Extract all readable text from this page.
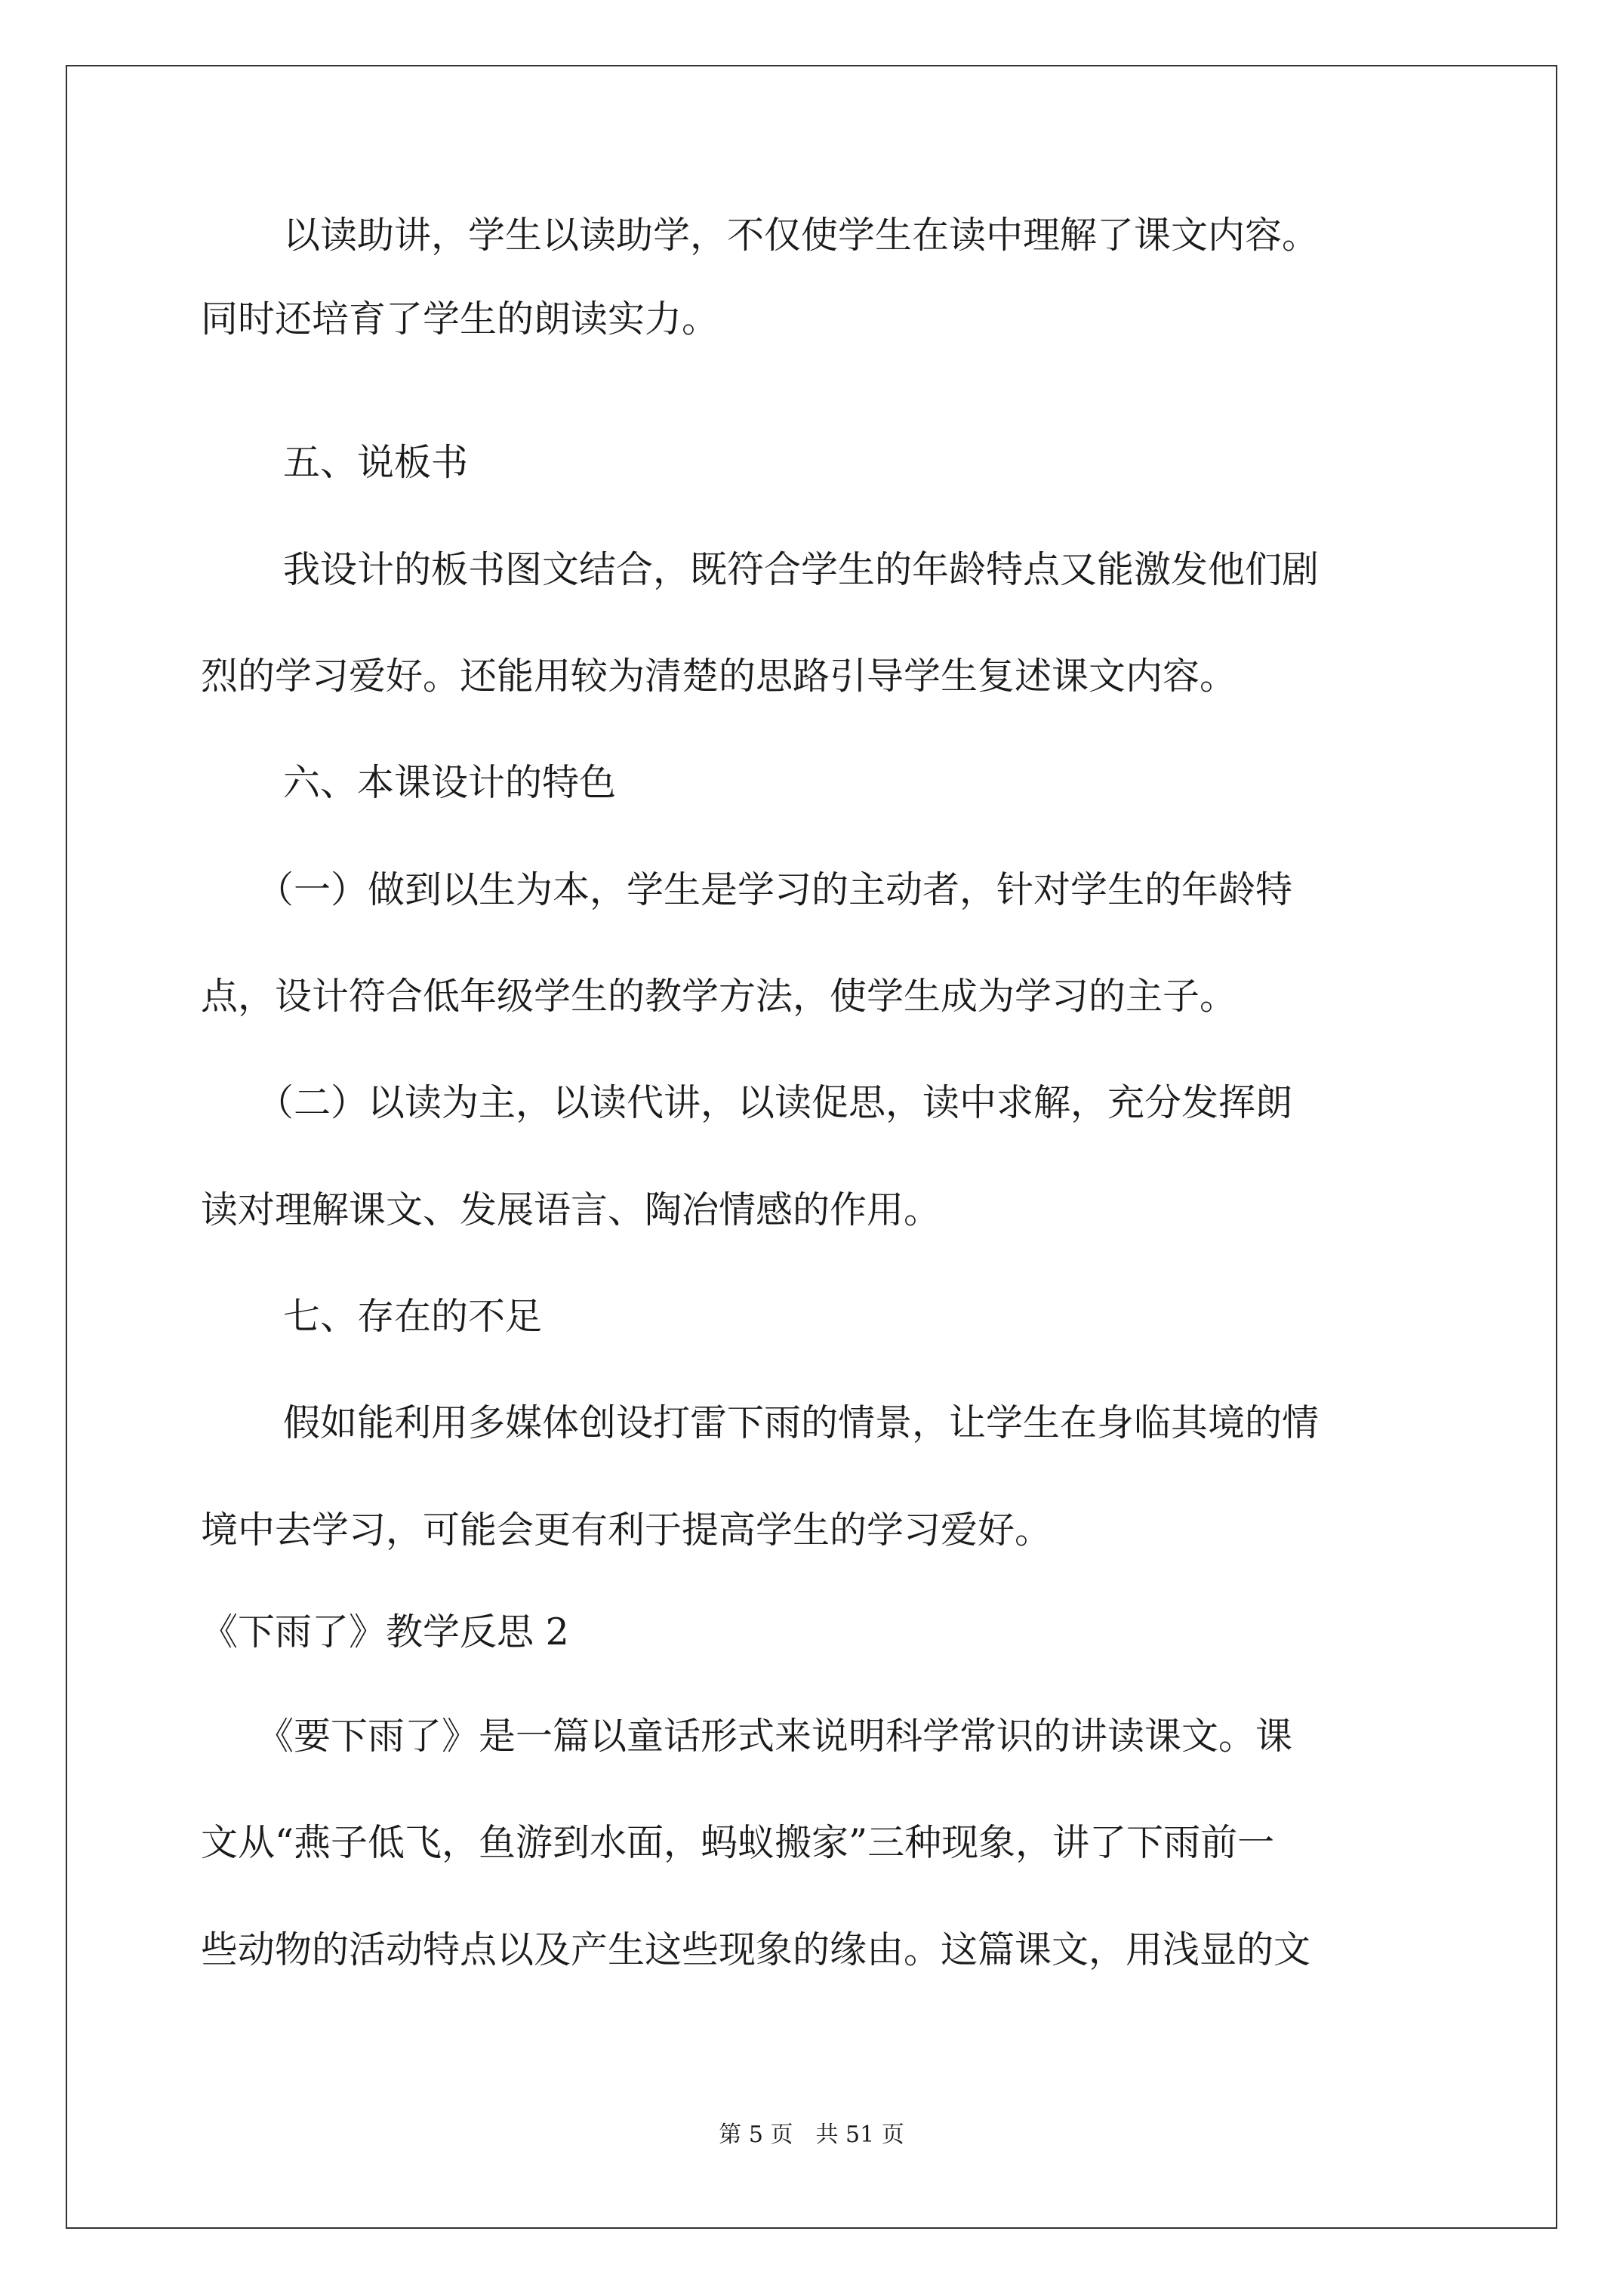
以读助讲，学生以读助学，不仅使学生在读中理解了课文内容。
同时还培育了学生的朗读实力。
五、说板书
我设计的板书图文结合，既符合学生的年龄特点又能激发他们剧
烈的学习爱好。还能用较为清楚的思路引导学生复述课文内容。
六、本课设计的特色
（一）做到以生为本，学生是学习的主动者，针对学生的年龄特
点，设计符合低年级学生的教学方法，使学生成为学习的主子。
（二）以读为主，以读代讲，以读促思，读中求解，充分发挥朗
读对理解课文、发展语言、陶冶情感的作用。
七、存在的不足
假如能利用多媒体创设打雷下雨的情景，让学生在身临其境的情
境中去学习，可能会更有利于提高学生的学习爱好。
《下雨了》教学反思 2
《要下雨了》是一篇以童话形式来说明科学常识的讲读课文。课
文从“燕子低飞，鱼游到水面，蚂蚁搬家”三种现象，讲了下雨前一
些动物的活动特点以及产生这些现象的缘由。这篇课文，用浅显的文
第 5 页　共 51 页
